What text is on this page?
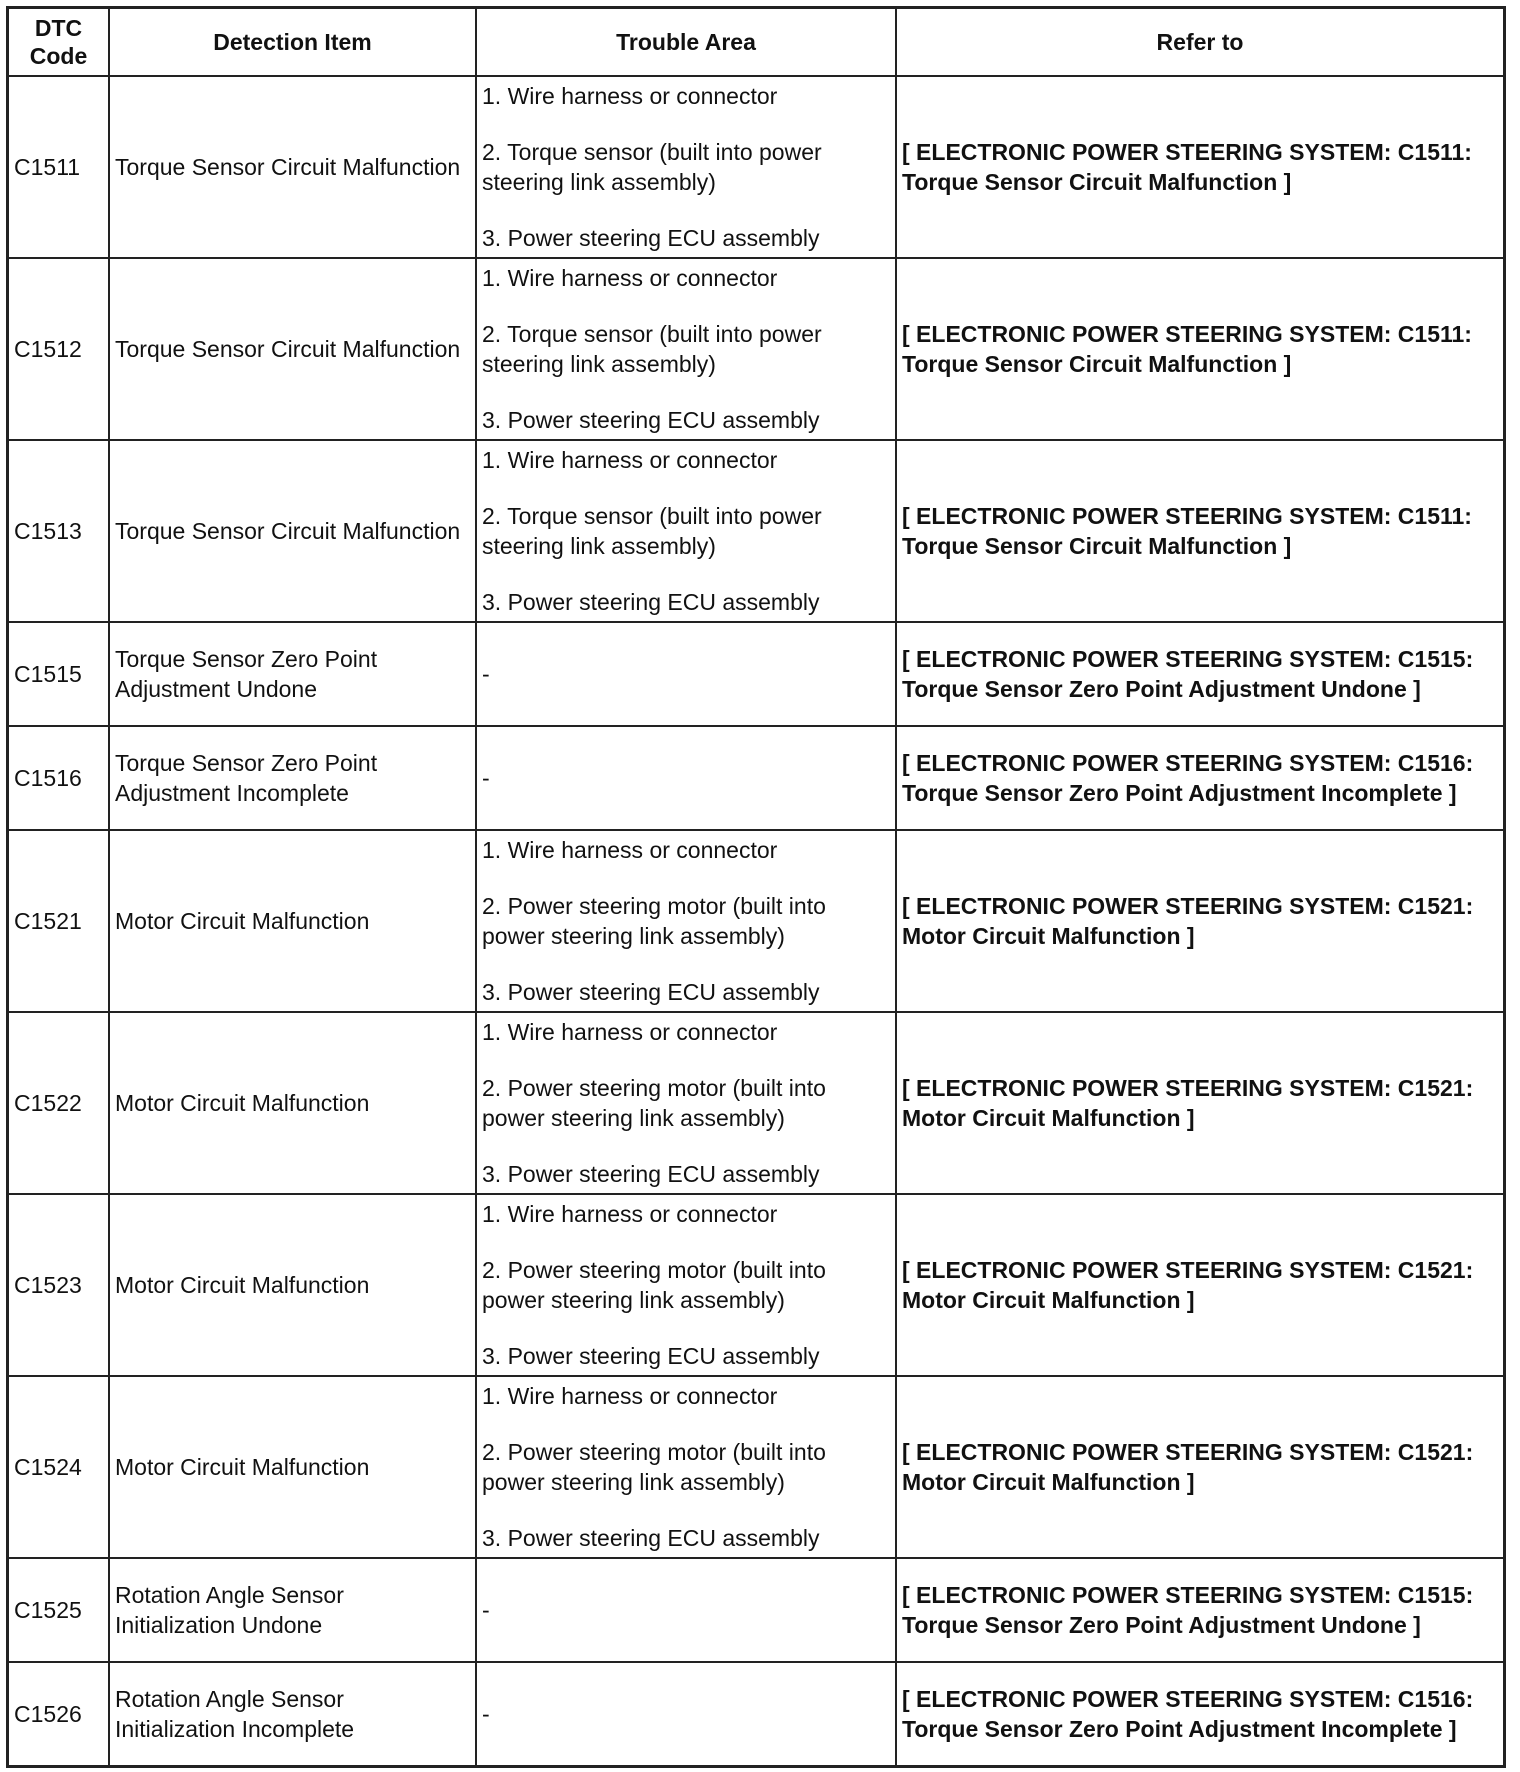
DTC Code	Detection Item	Trouble Area	Refer to
C1511	Torque Sensor Circuit Malfunction	1. Wire harness or connector

2. Torque sensor (built into power steering link assembly)

3. Power steering ECU assembly	[ ELECTRONIC POWER STEERING SYSTEM: C1511: Torque Sensor Circuit Malfunction ]
C1512	Torque Sensor Circuit Malfunction	1. Wire harness or connector

2. Torque sensor (built into power steering link assembly)

3. Power steering ECU assembly	[ ELECTRONIC POWER STEERING SYSTEM: C1511: Torque Sensor Circuit Malfunction ]
C1513	Torque Sensor Circuit Malfunction	1. Wire harness or connector

2. Torque sensor (built into power steering link assembly)

3. Power steering ECU assembly	[ ELECTRONIC POWER STEERING SYSTEM: C1511: Torque Sensor Circuit Malfunction ]
C1515	Torque Sensor Zero Point Adjustment Undone	-	[ ELECTRONIC POWER STEERING SYSTEM: C1515: Torque Sensor Zero Point Adjustment Undone ]
C1516	Torque Sensor Zero Point Adjustment Incomplete	-	[ ELECTRONIC POWER STEERING SYSTEM: C1516: Torque Sensor Zero Point Adjustment Incomplete ]
C1521	Motor Circuit Malfunction	1. Wire harness or connector

2. Power steering motor (built into power steering link assembly)

3. Power steering ECU assembly	[ ELECTRONIC POWER STEERING SYSTEM: C1521: Motor Circuit Malfunction ]
C1522	Motor Circuit Malfunction	1. Wire harness or connector

2. Power steering motor (built into power steering link assembly)

3. Power steering ECU assembly	[ ELECTRONIC POWER STEERING SYSTEM: C1521: Motor Circuit Malfunction ]
C1523	Motor Circuit Malfunction	1. Wire harness or connector

2. Power steering motor (built into power steering link assembly)

3. Power steering ECU assembly	[ ELECTRONIC POWER STEERING SYSTEM: C1521: Motor Circuit Malfunction ]
C1524	Motor Circuit Malfunction	1. Wire harness or connector

2. Power steering motor (built into power steering link assembly)

3. Power steering ECU assembly	[ ELECTRONIC POWER STEERING SYSTEM: C1521: Motor Circuit Malfunction ]
C1525	Rotation Angle Sensor Initialization Undone	-	[ ELECTRONIC POWER STEERING SYSTEM: C1515: Torque Sensor Zero Point Adjustment Undone ]
C1526	Rotation Angle Sensor Initialization Incomplete	-	[ ELECTRONIC POWER STEERING SYSTEM: C1516: Torque Sensor Zero Point Adjustment Incomplete ]
